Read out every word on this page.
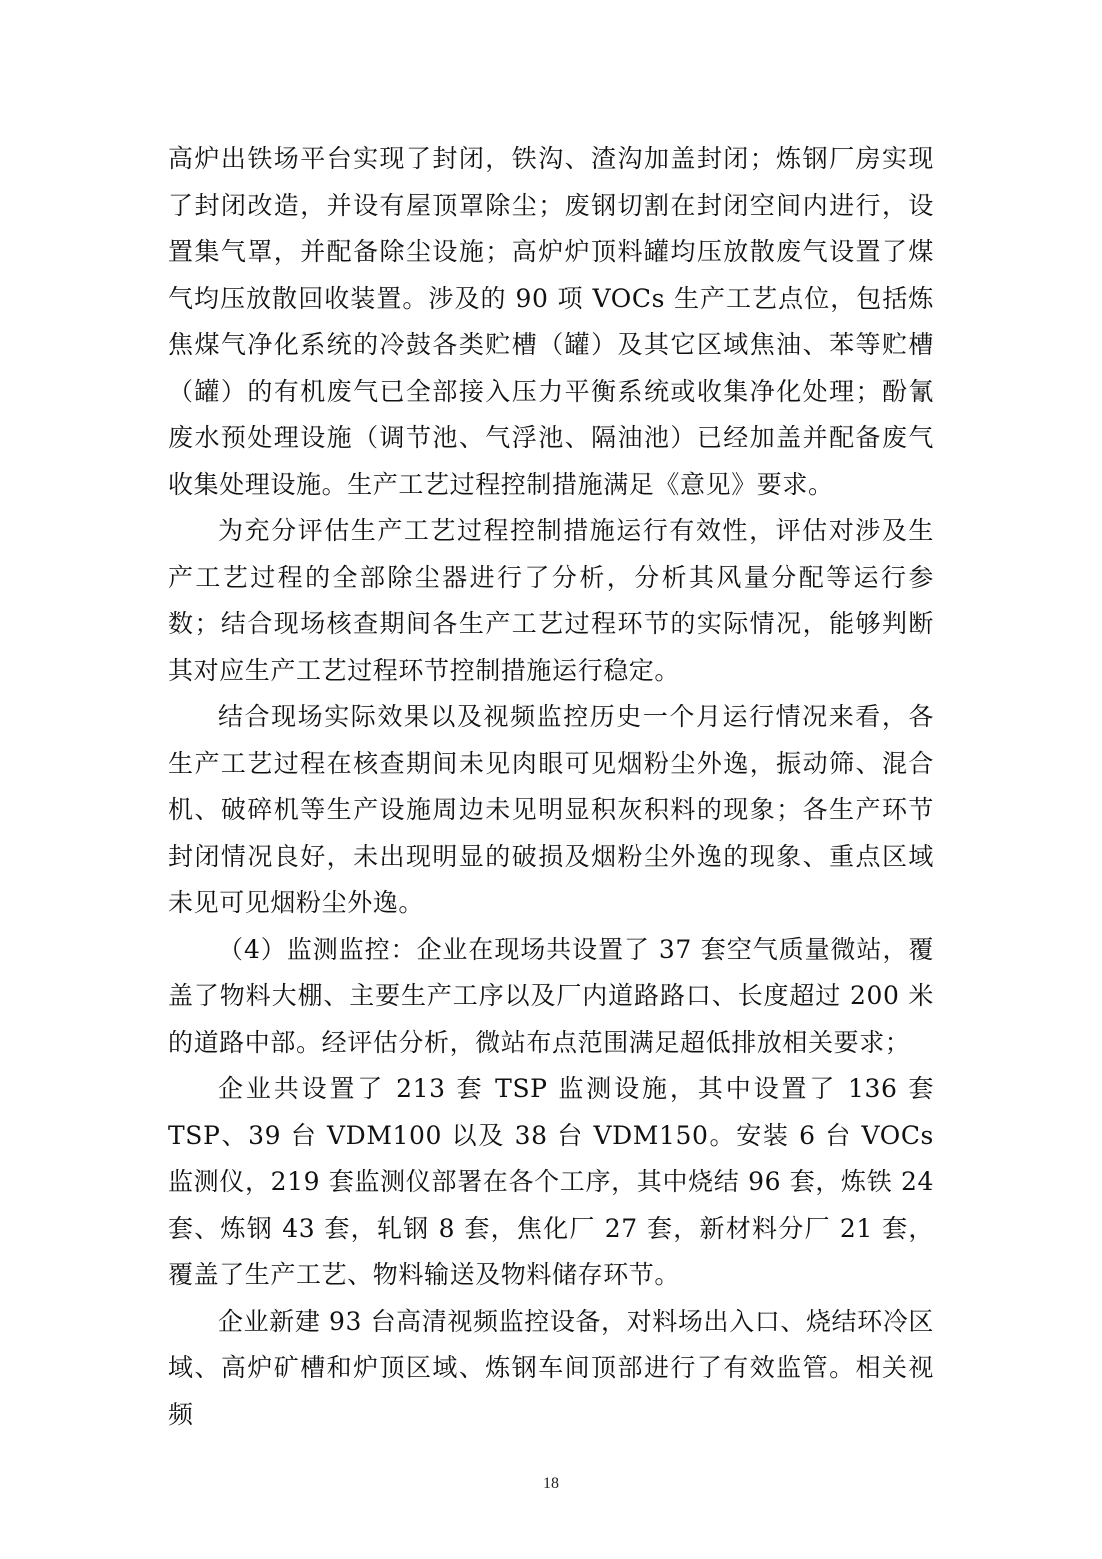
高炉出铁场平台实现了封闭，铁沟、渣沟加盖封闭；炼钢厂房实现了封闭改造，并设有屋顶罩除尘；废钢切割在封闭空间内进行，设置集气罩，并配备除尘设施；高炉炉顶料罐均压放散废气设置了煤气均压放散回收装置。涉及的 90 项 VOCs 生产工艺点位，包括炼焦煤气净化系统的冷鼓各类贮槽（罐）及其它区域焦油、苯等贮槽（罐）的有机废气已全部接入压力平衡系统或收集净化处理；酚氰废水预处理设施（调节池、气浮池、隔油池）已经加盖并配备废气收集处理设施。生产工艺过程控制措施满足《意见》要求。

为充分评估生产工艺过程控制措施运行有效性，评估对涉及生产工艺过程的全部除尘器进行了分析，分析其风量分配等运行参数；结合现场核查期间各生产工艺过程环节的实际情况，能够判断其对应生产工艺过程环节控制措施运行稳定。

结合现场实际效果以及视频监控历史一个月运行情况来看，各生产工艺过程在核查期间未见肉眼可见烟粉尘外逸，振动筛、混合机、破碎机等生产设施周边未见明显积灰积料的现象；各生产环节封闭情况良好，未出现明显的破损及烟粉尘外逸的现象、重点区域未见可见烟粉尘外逸。

（4）监测监控：企业在现场共设置了 37 套空气质量微站，覆盖了物料大棚、主要生产工序以及厂内道路路口、长度超过 200 米的道路中部。经评估分析，微站布点范围满足超低排放相关要求；

企业共设置了 213 套 TSP 监测设施，其中设置了 136 套 TSP、39 台 VDM100 以及 38 台 VDM150。安装 6 台 VOCs 监测仪，219 套监测仪部署在各个工序，其中烧结 96 套，炼铁 24 套、炼钢 43 套，轧钢 8 套，焦化厂 27 套，新材料分厂 21 套，覆盖了生产工艺、物料输送及物料储存环节。

企业新建 93 台高清视频监控设备，对料场出入口、烧结环冷区域、高炉矿槽和炉顶区域、炼钢车间顶部进行了有效监管。相关视频

18
